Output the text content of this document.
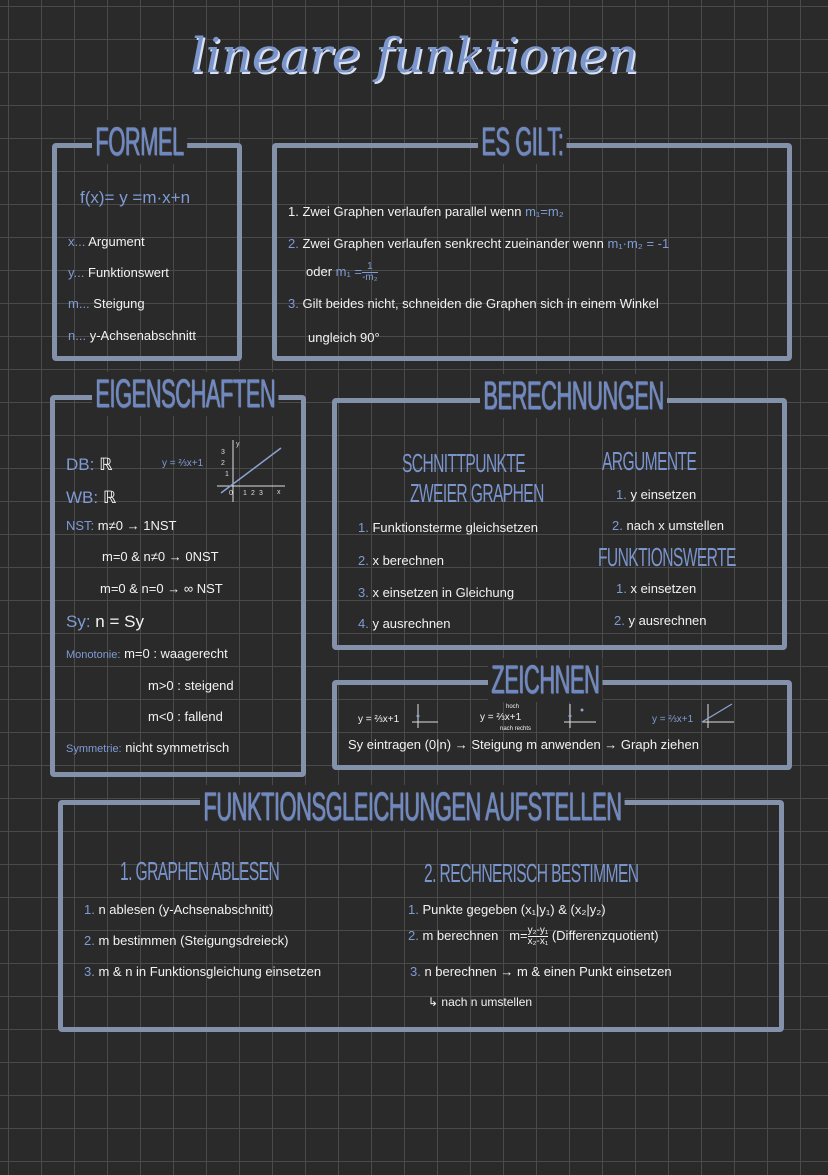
lineare funktionen
FORMEL
f(x)= y =m·x+n
x... Argument
y... Funktionswert
m... Steigung
n... y-Achsenabschnitt
ES GILT:
1. Zwei Graphen verlaufen parallel wenn m₁=m₂
2. Zwei Graphen verlaufen senkrecht zueinander wenn m₁·m₂ = -1
oder $m_1 = \frac{1}{\text{-m₂}}$
3. Gilt beides nicht, schneiden die Graphen sich in einem Winkel
ungleich 90°
EIGENSCHAFTEN
DB: ℝ
WB: ℝ
y = ⅔x+1
3
2
1
0 1 2 3 x
y
NST: m≠0 → 1NST
m=0 & n≠0 → 0NST
m=0 & n=0 → ∞ NST
Sy: n = Sy
Monotonie: m=0 : waagerecht
m>0 : steigend
m<0 : fallend
Symmetrie: nicht symmetrisch
BERECHNUNGEN
SCHNITTPUNKTE
ZWEIER GRAPHEN
1. Funktionsterme gleichsetzen
2. x berechnen
3. x einsetzen in Gleichung
4. y ausrechnen
ARGUMENTE
1. y einsetzen
2. nach x umstellen
FUNKTIONSWERTE
1. x einsetzen
2. y ausrechnen
ZEICHNEN
y = ⅔x+1	y = ⅔x+1
hoch
nach rechts
y = ⅔x+1
Sy eintragen (0|n) → Steigung m anwenden → Graph ziehen
FUNKTIONSGLEICHUNGEN AUFSTELLEN
1. GRAPHEN ABLESEN
1. n ablesen (y-Achsenabschnitt)
2. m bestimmen (Steigungsdreieck)
3. m & n in Funktionsgleichung einsetzen
2. RECHNERISCH BESTIMMEN
1. Punkte gegeben (x₁|y₁) & (x₂|y₂)
2. m berechnen $m= \frac{\text{y₂-y₁}}{\text{x₂-x₁}}$ (Differenzquotient)
3. n berechnen → m & einen Punkt einsetzen
↳ nach n umstellen
